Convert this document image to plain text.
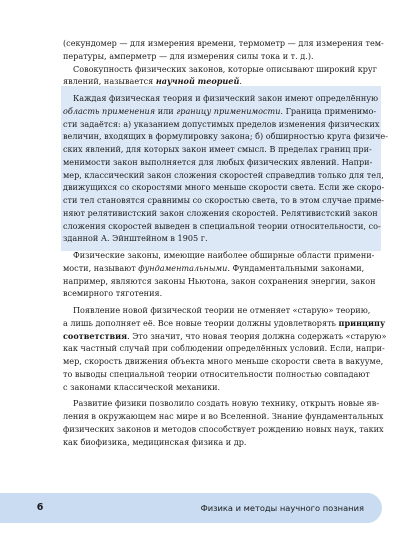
(секундомер — для измерения времени, термометр — для измерения тем-
пературы, амперметр — для измерения силы тока и т. д.).
Совокупность физических законов, которые описывают широкий круг
явлений, называется научной теорией.
Каждая физическая теория и физический закон имеют определённую
область применения или границу применимости. Граница применимо-
сти задаётся: а) указанием допустимых пределов изменения физических
величин, входящих в формулировку закона; б) обширностью круга физиче-
ских явлений, для которых закон имеет смысл. В пределах границ при-
менимости закон выполняется для любых физических явлений. Напри-
мер, классический закон сложения скоростей справедлив только для тел,
движущихся со скоростями много меньше скорости света. Если же скоро-
сти тел становятся сравнимы со скоростью света, то в этом случае приме-
няют релятивистский закон сложения скоростей. Релятивистский закон
сложения скоростей выведен в специальной теории относительности, со-
зданной А. Эйнштейном в 1905 г.
Физические законы, имеющие наиболее обширные области примени-
мости, называют фундаментальными. Фундаментальными законами,
например, являются законы Ньютона, закон сохранения энергии, закон
всемирного тяготения.
Появление новой физической теории не отменяет «старую» теорию,
а лишь дополняет её. Все новые теории должны удовлетворять принципу
соответствия. Это значит, что новая теория должна содержать «старую»
как частный случай при соблюдении определённых условий. Если, напри-
мер, скорость движения объекта много меньше скорости света в вакууме,
то выводы специальной теории относительности полностью совпадают
с законами классической механики.
Развитие физики позволило создать новую технику, открыть новые яв-
ления в окружающем нас мире и во Вселенной. Знание фундаментальных
физических законов и методов способствует рождению новых наук, таких
как биофизика, медицинская физика и др.
6	Физика и методы научного познания
